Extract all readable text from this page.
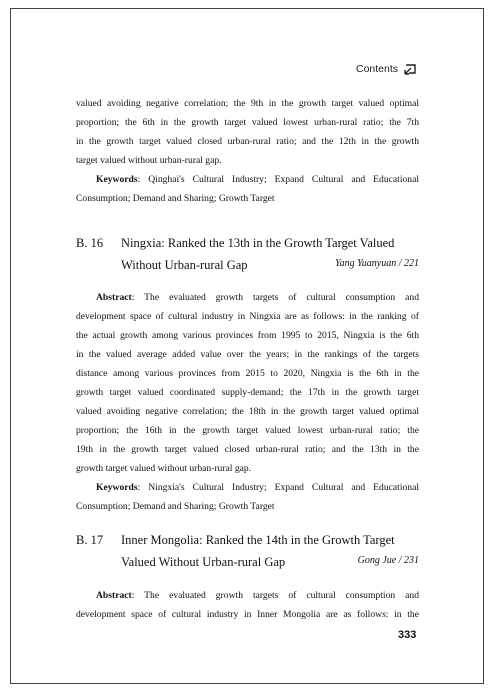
Contents
valued avoiding negative correlation; the 9th in the growth target valued optimal
proportion; the 6th in the growth target valued lowest urban-rural ratio; the 7th
in the growth target valued closed urban-rural ratio; and the 12th in the growth
target valued without urban-rural gap.
Keywords: Qinghai's Cultural Industry; Expand Cultural and Educational
Consumption; Demand and Sharing; Growth Target
B. 16 Ningxia: Ranked the 13th in the Growth Target Valued
Without Urban-rural Gap	Yang Yuanyuan / 221
Abstract: The evaluated growth targets of cultural consumption and
development space of cultural industry in Ningxia are as follows: in the ranking of
the actual growth among various provinces from 1995 to 2015, Ningxia is the 6th
in the valued average added value over the years; in the rankings of the targets
distance among various provinces from 2015 to 2020, Ningxia is the 6th in the
growth target valued coordinated supply-demand; the 17th in the growth target
valued avoiding negative correlation; the 18th in the growth target valued optimal
proportion; the 16th in the growth target valued lowest urban-rural ratio; the
19th in the growth target valued closed urban-rural ratio; and the 13th in the
growth target valued without urban-rural gap.
Keywords: Ningxia's Cultural Industry; Expand Cultural and Educational
Consumption; Demand and Sharing; Growth Target
B. 17 Inner Mongolia: Ranked the 14th in the Growth Target
Valued Without Urban-rural Gap	Gong Jue / 231
Abstract: The evaluated growth targets of cultural consumption and
development space of cultural industry in Inner Mongolia are as follows: in the
333
